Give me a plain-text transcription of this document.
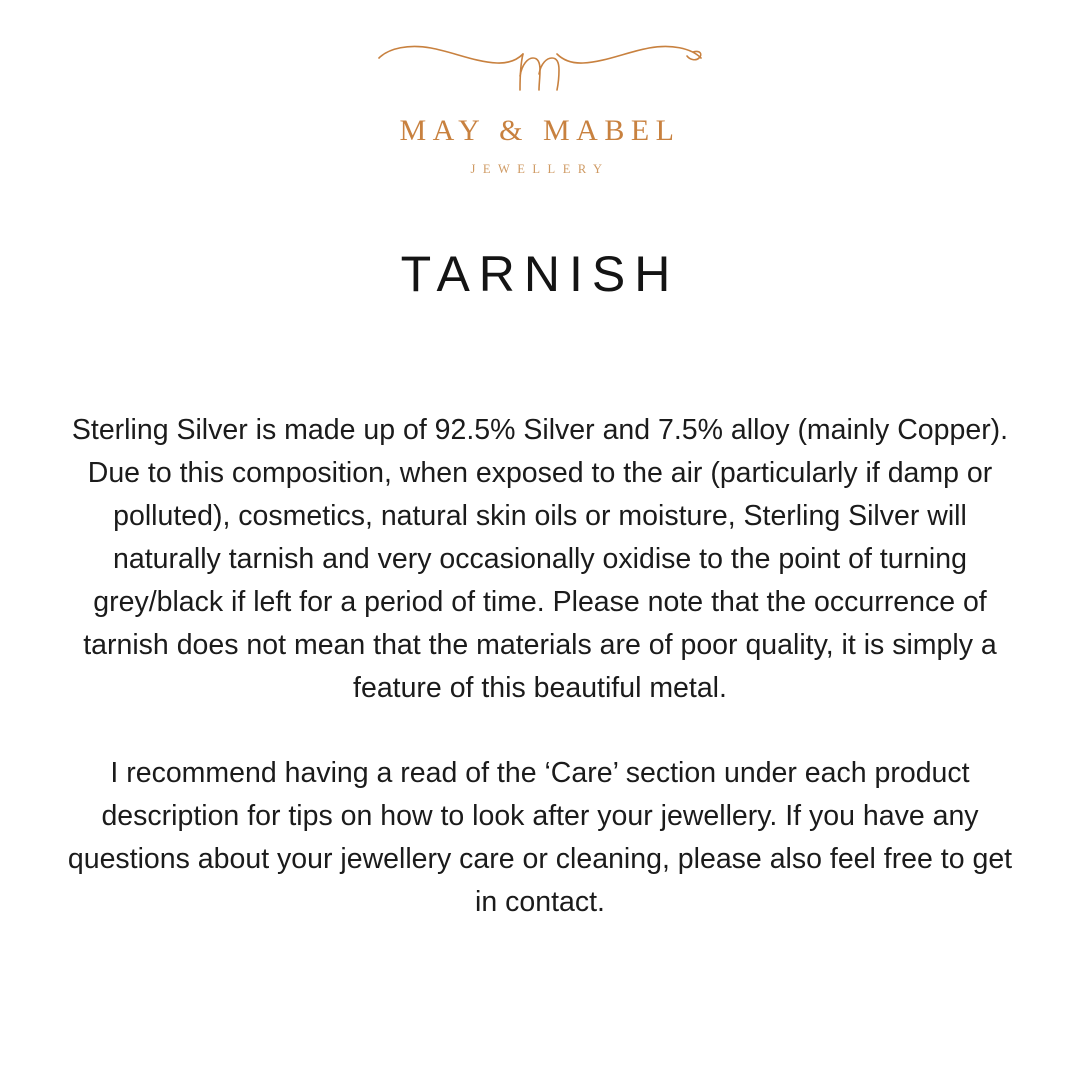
MAY & MABEL
JEWELLERY
TARNISH

Sterling Silver is made up of 92.5% Silver and 7.5% alloy (mainly Copper). Due to this composition, when exposed to the air (particularly if damp or polluted), cosmetics, natural skin oils or moisture, Sterling Silver will naturally tarnish and very occasionally oxidise to the point of turning grey/black if left for a period of time. Please note that the occurrence of tarnish does not mean that the materials are of poor quality, it is simply a feature of this beautiful metal.

I recommend having a read of the ‘Care’ section under each product description for tips on how to look after your jewellery. If you have any questions about your jewellery care or cleaning, please also feel free to get in contact.
